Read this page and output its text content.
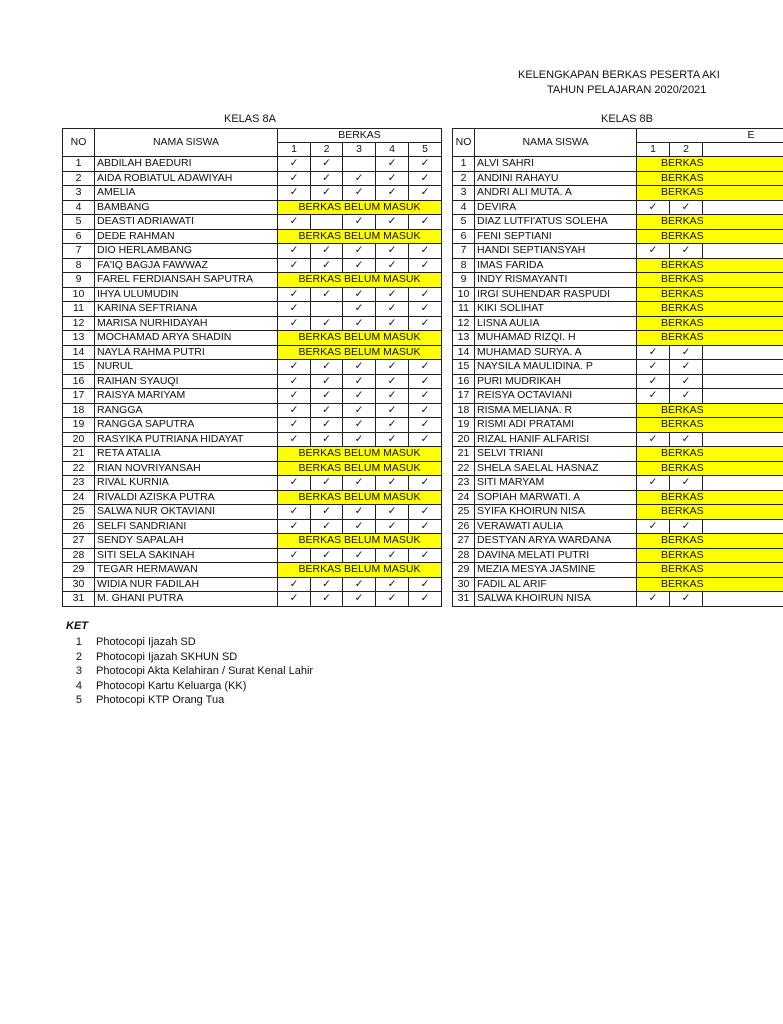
KELENGKAPAN BERKAS PESERTA AKI
TAHUN PELAJARAN 2020/2021
KELAS 8A	KELAS 8B
NO	NAMA SISWA	BERKAS				
		1	2	3	4	5
1	ABDILAH BAEDURI	✓	✓		✓	✓
2	AIDA ROBIATUL ADAWIYAH	✓	✓	✓	✓	✓
3	AMELIA	✓	✓	✓	✓	✓
4	BAMBANG	BERKAS BELUM MASUK				
5	DEASTI ADRIAWATI	✓		✓	✓	✓
6	DEDE RAHMAN	BERKAS BELUM MASUK				
7	DIO HERLAMBANG	✓	✓	✓	✓	✓
8	FA'IQ BAGJA FAWWAZ	✓	✓	✓	✓	✓
9	FAREL FERDIANSAH SAPUTRA	BERKAS BELUM MASUK				
10	IHYA ULUMUDIN	✓	✓	✓	✓	✓
11	KARINA SEFTRIANA	✓		✓	✓	✓
12	MARISA NURHIDAYAH	✓	✓	✓	✓	✓
13	MOCHAMAD ARYA SHADIN	BERKAS BELUM MASUK				
14	NAYLA RAHMA PUTRI	BERKAS BELUM MASUK				
15	NURUL	✓	✓	✓	✓	✓
16	RAIHAN SYAUQI	✓	✓	✓	✓	✓
17	RAISYA MARIYAM	✓	✓	✓	✓	✓
18	RANGGA	✓	✓	✓	✓	✓
19	RANGGA SAPUTRA	✓	✓	✓	✓	✓
20	RASYIKA PUTRIANA HIDAYAT	✓	✓	✓	✓	✓
21	RETA ATALIA	BERKAS BELUM MASUK				
22	RIAN NOVRIYANSAH	BERKAS BELUM MASUK				
23	RIVAL KURNIA	✓	✓	✓	✓	✓
24	RIVALDI AZISKA PUTRA	BERKAS BELUM MASUK				
25	SALWA NUR OKTAVIANI	✓	✓	✓	✓	✓
26	SELFI SANDRIANI	✓	✓	✓	✓	✓
27	SENDY SAPALAH	BERKAS BELUM MASUK				
28	SITI SELA SAKINAH	✓	✓	✓	✓	✓
29	TEGAR HERMAWAN	BERKAS BELUM MASUK				
30	WIDIA NUR FADILAH	✓	✓	✓	✓	✓
31	M. GHANI PUTRA	✓	✓	✓	✓	✓
NO	NAMA SISWA	E		
		1	2	
1	ALVI SAHRI	BERKAS		
2	ANDINI RAHAYU	BERKAS		
3	ANDRI ALI MUTA. A	BERKAS		
4	DEVIRA	✓	✓	
5	DIAZ LUTFI'ATUS SOLEHA	BERKAS		
6	FENI SEPTIANI	BERKAS		
7	HANDI SEPTIANSYAH	✓	✓	
8	IMAS FARIDA	BERKAS		
9	INDY RISMAYANTI	BERKAS		
10	IRGI SUHENDAR RASPUDI	BERKAS		
11	KIKI SOLIHAT	BERKAS		
12	LISNA AULIA	BERKAS		
13	MUHAMAD RIZQI. H	BERKAS		
14	MUHAMAD SURYA. A	✓	✓	
15	NAYSILA MAULIDINA. P	✓	✓	
16	PURI MUDRIKAH	✓	✓	
17	REISYA OCTAVIANI	✓	✓	
18	RISMA MELIANA. R	BERKAS		
19	RISMI ADI PRATAMI	BERKAS		
20	RIZAL HANIF ALFARISI	✓	✓	
21	SELVI TRIANI	BERKAS		
22	SHELA SAELAL HASNAZ	BERKAS		
23	SITI MARYAM	✓	✓	
24	SOPIAH MARWATI. A	BERKAS		
25	SYIFA KHOIRUN NISA	BERKAS		
26	VERAWATI AULIA	✓	✓	
27	DESTYAN ARYA WARDANA	BERKAS		
28	DAVINA MELATI PUTRI	BERKAS		
29	MEZIA MESYA JASMINE	BERKAS		
30	FADIL AL ARIF	BERKAS		
31	SALWA KHOIRUN NISA	✓	✓	
KET
1 Photocopi Ijazah SD
2 Photocopi Ijazah SKHUN SD
3 Photocopi Akta Kelahiran / Surat Kenal Lahir
4 Photocopi Kartu Keluarga (KK)
5 Photocopi KTP Orang Tua
